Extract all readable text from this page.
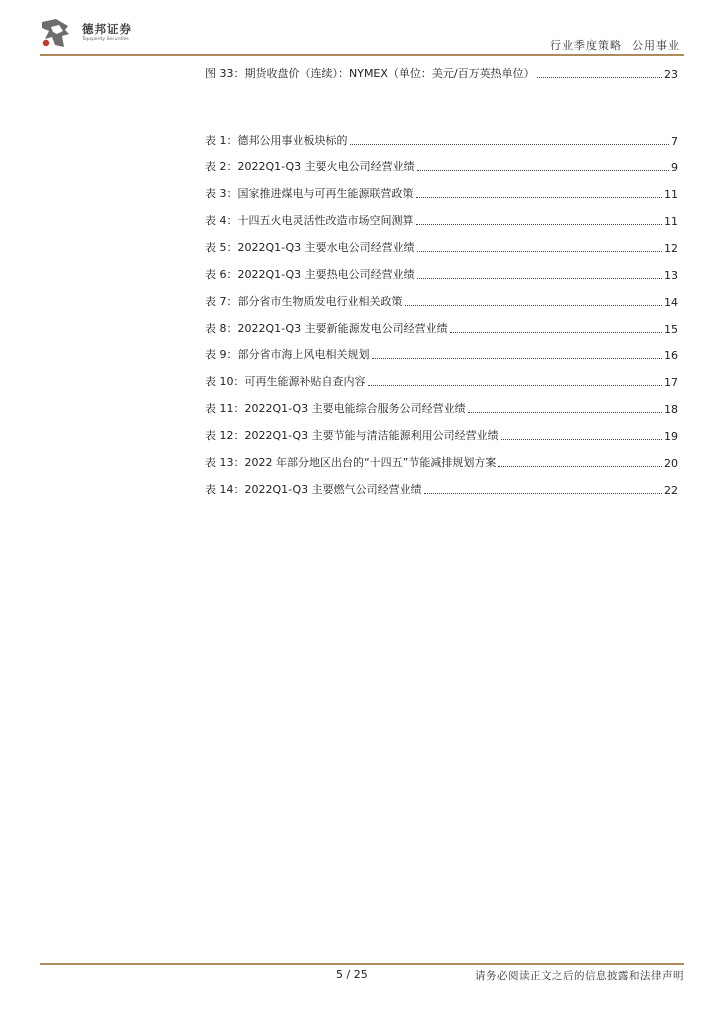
德邦证券
Topsperity Securities	行业季度策略 公用事业
图 33：期货收盘价（连续）：NYMEX（单位：美元/百万英热单位）	23
表 1：德邦公用事业板块标的	7
表 2：2022Q1-Q3 主要火电公司经营业绩	9
表 3：国家推进煤电与可再生能源联营政策	11
表 4：十四五火电灵活性改造市场空间测算	11
表 5：2022Q1-Q3 主要水电公司经营业绩	12
表 6：2022Q1-Q3 主要热电公司经营业绩	13
表 7：部分省市生物质发电行业相关政策	14
表 8：2022Q1-Q3 主要新能源发电公司经营业绩	15
表 9：部分省市海上风电相关规划	16
表 10：可再生能源补贴自查内容	17
表 11：2022Q1-Q3 主要电能综合服务公司经营业绩	18
表 12：2022Q1-Q3 主要节能与清洁能源利用公司经营业绩	19
表 13：2022 年部分地区出台的“十四五”节能减排规划方案	20
表 14：2022Q1-Q3 主要燃气公司经营业绩	22
5 / 25	请务必阅读正文之后的信息披露和法律声明
